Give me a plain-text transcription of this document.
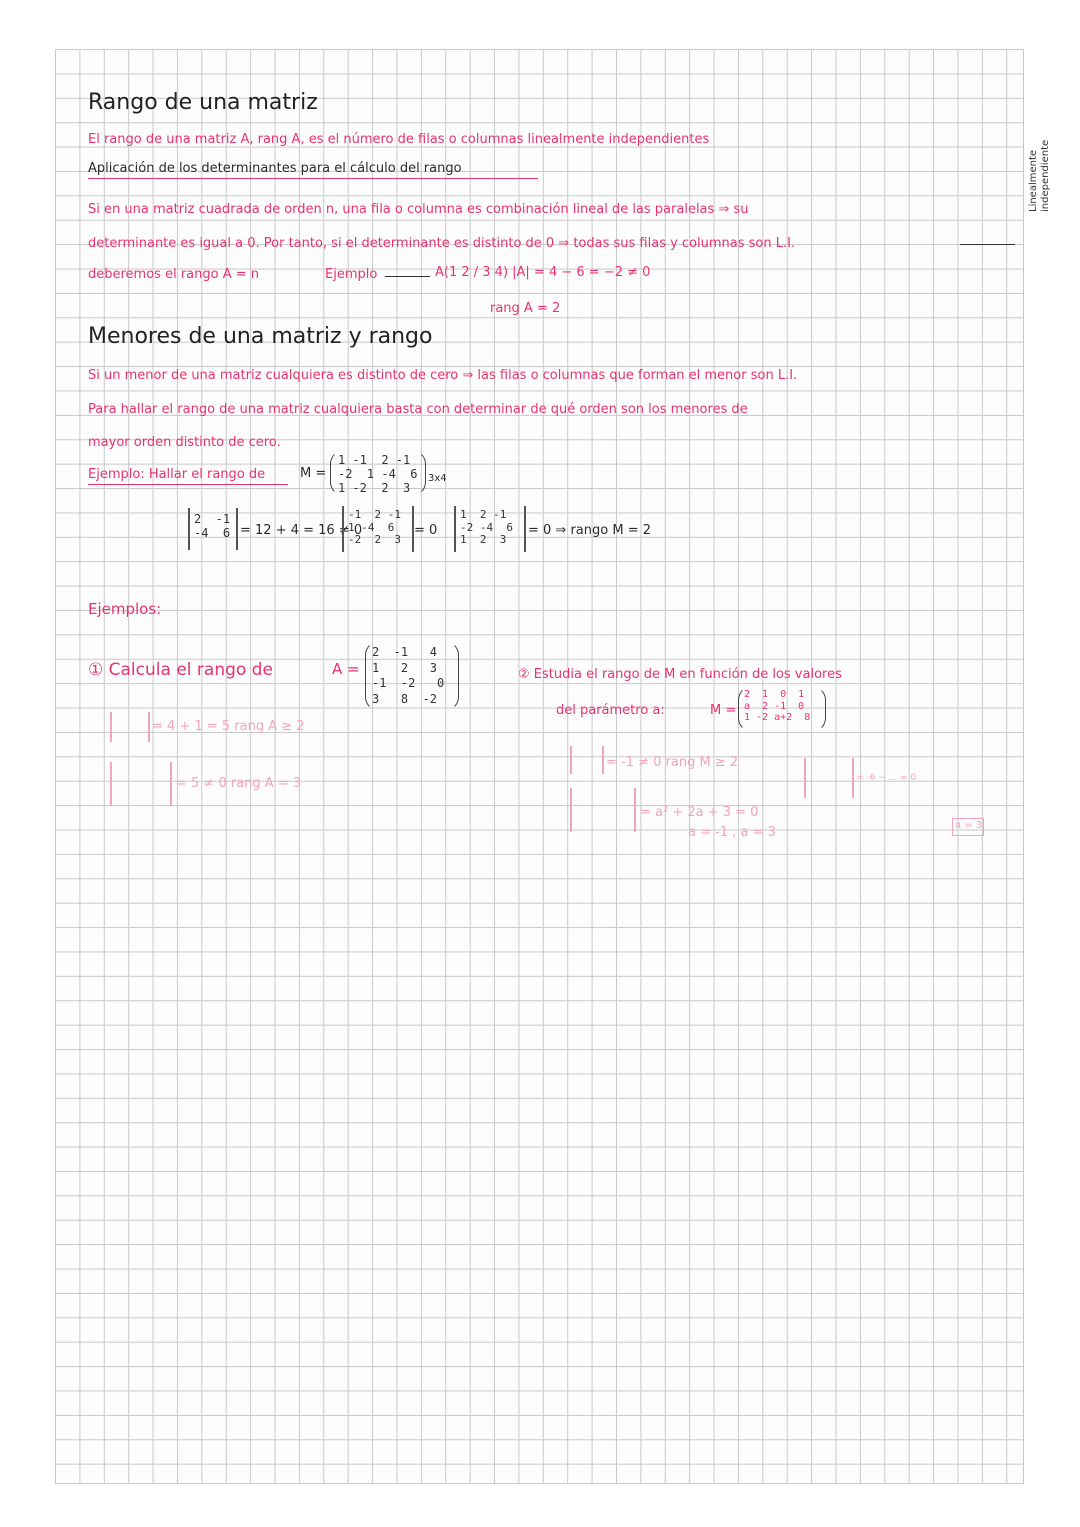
Rango de una matriz
El rango de una matriz A, rang A, es el número de filas o columnas linealmente independientes
Aplicación de los determinantes para el cálculo del rango
Si en una matriz cuadrada de orden n, una fila o columna es combinación lineal de las paralelas ⇒ su
determinante es igual a 0. Por tanto, si el determinante es distinto de 0 ⇒ todas sus filas y columnas son L.I.
deberemos el rango A = n	Ejemplo	A(1 2 / 3 4) |A| = 4 − 6 = −2 ≠ 0
rang A = 2
Linealmente independiente
Menores de una matriz y rango
Si un menor de una matriz cualquiera es distinto de cero ⇒ las filas o columnas que forman el menor son L.I.
Para hallar el rango de una matriz cualquiera basta con determinar de qué orden son los menores de
mayor orden distinto de cero.
Ejemplo: Hallar el rango de	M =
1 -1  2 -1
-2  1 -4  6
1 -2  2  3
3x4
2  -1
-4  6 = 12 + 4 = 16 ≠ 0
-1  2 -1
1 -4  6
-2  2  3
= 0
1  2 -1
-2 -4  6
1  2  3
= 0 ⇒ rango M = 2
Ejemplos:
① Calcula el rango de	A =
2  -1   4
1   2   3
-1  -2   0
3   8  -2
= 4 + 1 = 5 rang A ≥ 2
= 5 ≠ 0 rang A = 3
② Estudia el rango de M en función de los valores
del parámetro a:	M =
2  1  0  1
a  2 -1  0
1 -2 a+2  8
= -1 ≠ 0 rang M ≥ 2
= a² + 2a + 3 = 0
a = -1 , a = 3
= -6 − ... = 0
a = 3
